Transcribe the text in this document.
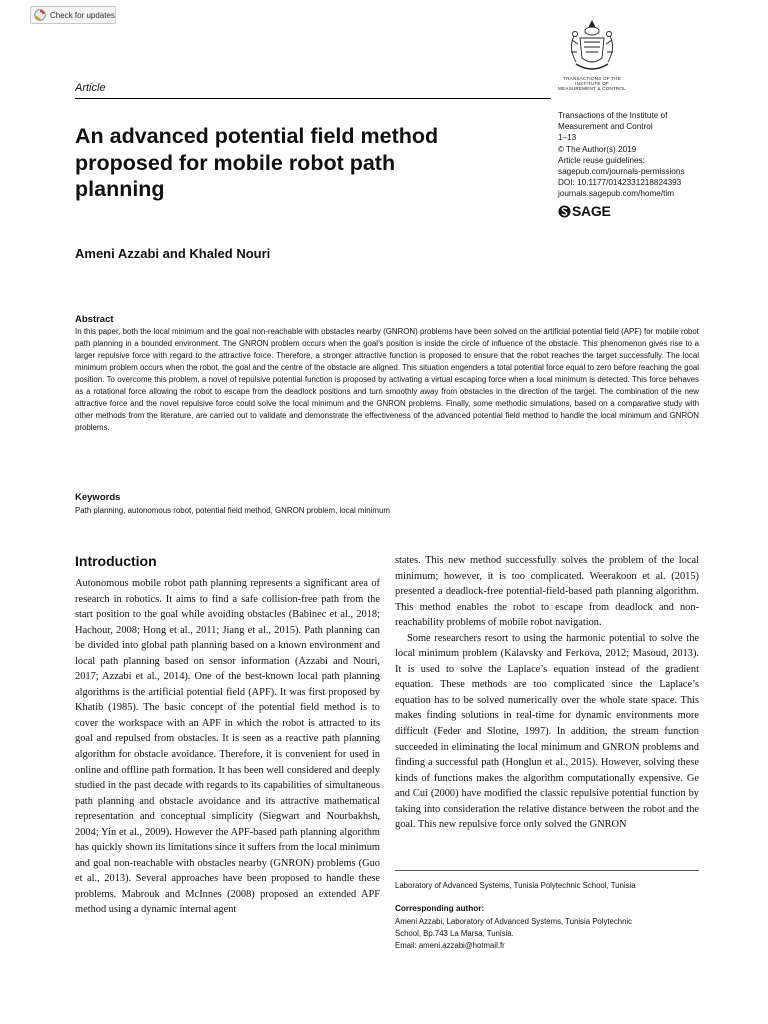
Check for updates
TRANSACTIONS OF THE
INSTITUTE OF
MEASUREMENT & CONTROL
Article
Transactions of the Institute of
Measurement and Control
1–13
© The Author(s) 2019
Article reuse guidelines:
sagepub.com/journals-permissions
DOI: 10.1177/0142331218824393
journals.sagepub.com/home/tim
SAGE
An advanced potential field method proposed for mobile robot path planning
Ameni Azzabi and Khaled Nouri
Abstract
In this paper, both the local minimum and the goal non-reachable with obstacles nearby (GNRON) problems have been solved on the artificial potential field (APF) for mobile robot path planning in a bounded environment. The GNRON problem occurs when the goal’s position is inside the circle of influence of the obstacle. This phenomenon gives rise to a larger repulsive force with regard to the attractive force. Therefore, a stronger attractive function is proposed to ensure that the robot reaches the target successfully. The local minimum problem occurs when the robot, the goal and the centre of the obstacle are aligned. This situation engenders a total potential force equal to zero before reaching the goal position. To overcome this problem, a novel of repulsive potential function is proposed by activating a virtual escaping force when a local minimum is detected. This force behaves as a rotational force allowing the robot to escape from the deadlock positions and turn smoothly away from obstacles in the direction of the target. The combination of the new attractive force and the novel repulsive force could solve the local minimum and the GNRON problems. Finally, some methodic simulations, based on a comparative study with other methods from the literature, are carried out to validate and demonstrate the effectiveness of the advanced potential field method to handle the local minimum and GNRON problems.
Keywords
Path planning, autonomous robot, potential field method, GNRON problem, local minimum
Introduction

Autonomous mobile robot path planning represents a significant area of research in robotics. It aims to find a safe collision-free path from the start position to the goal while avoiding obstacles (Babinec et al., 2018; Hachour, 2008; Hong et al., 2011; Jiang et al., 2015). Path planning can be divided into global path planning based on a known environment and local path planning based on sensor information (Azzabi and Nouri, 2017; Azzabi et al., 2014). One of the best-known local path planning algorithms is the artificial potential field (APF). It was first proposed by Khatib (1985). The basic concept of the potential field method is to cover the workspace with an APF in which the robot is attracted to its goal and repulsed from obstacles. It is seen as a reactive path planning algorithm for obstacle avoidance. Therefore, it is convenient for used in online and offline path formation. It has been well considered and deeply studied in the past decade with regards to its capabilities of simultaneous path planning and obstacle avoidance and its attractive mathematical representation and conceptual simplicity (Siegwart and Nourbakhsh, 2004; Yin et al., 2009). However the APF-based path planning algorithm has quickly shown its limitations since it suffers from the local minimum and goal non-reachable with obstacles nearby (GNRON) problems (Guo et al., 2013). Several approaches have been proposed to handle these problems. Mabrouk and McInnes (2008) proposed an extended APF method using a dynamic internal agent

states. This new method successfully solves the problem of the local minimum; however, it is too complicated. Weerakoon et al. (2015) presented a deadlock-free potential-field-based path planning algorithm. This method enables the robot to escape from deadlock and non-reachability problems of mobile robot navigation.

Some researchers resort to using the harmonic potential to solve the local minimum problem (Kalavsky and Ferkova, 2012; Masoud, 2013). It is used to solve the Laplace’s equation instead of the gradient equation. These methods are too complicated since the Laplace’s equation has to be solved numerically over the whole state space. This makes finding solutions in real-time for dynamic environments more difficult (Feder and Slotine, 1997). In addition, the stream function succeeded in eliminating the local minimum and GNRON problems and finding a successful path (Honglun et al., 2015). However, solving these kinds of functions makes the algorithm computationally expensive. Ge and Cui (2000) have modified the classic repulsive potential function by taking into consideration the relative distance between the robot and the goal. This new repulsive force only solved the GNRON

Laboratory of Advanced Systems, Tunisia Polytechnic School, Tunisia
Corresponding author:
Ameni Azzabi, Laboratory of Advanced Systems, Tunisia Polytechnic
School, Bp.743 La Marsa, Tunisia.
Email: ameni.azzabi@hotmail.fr
